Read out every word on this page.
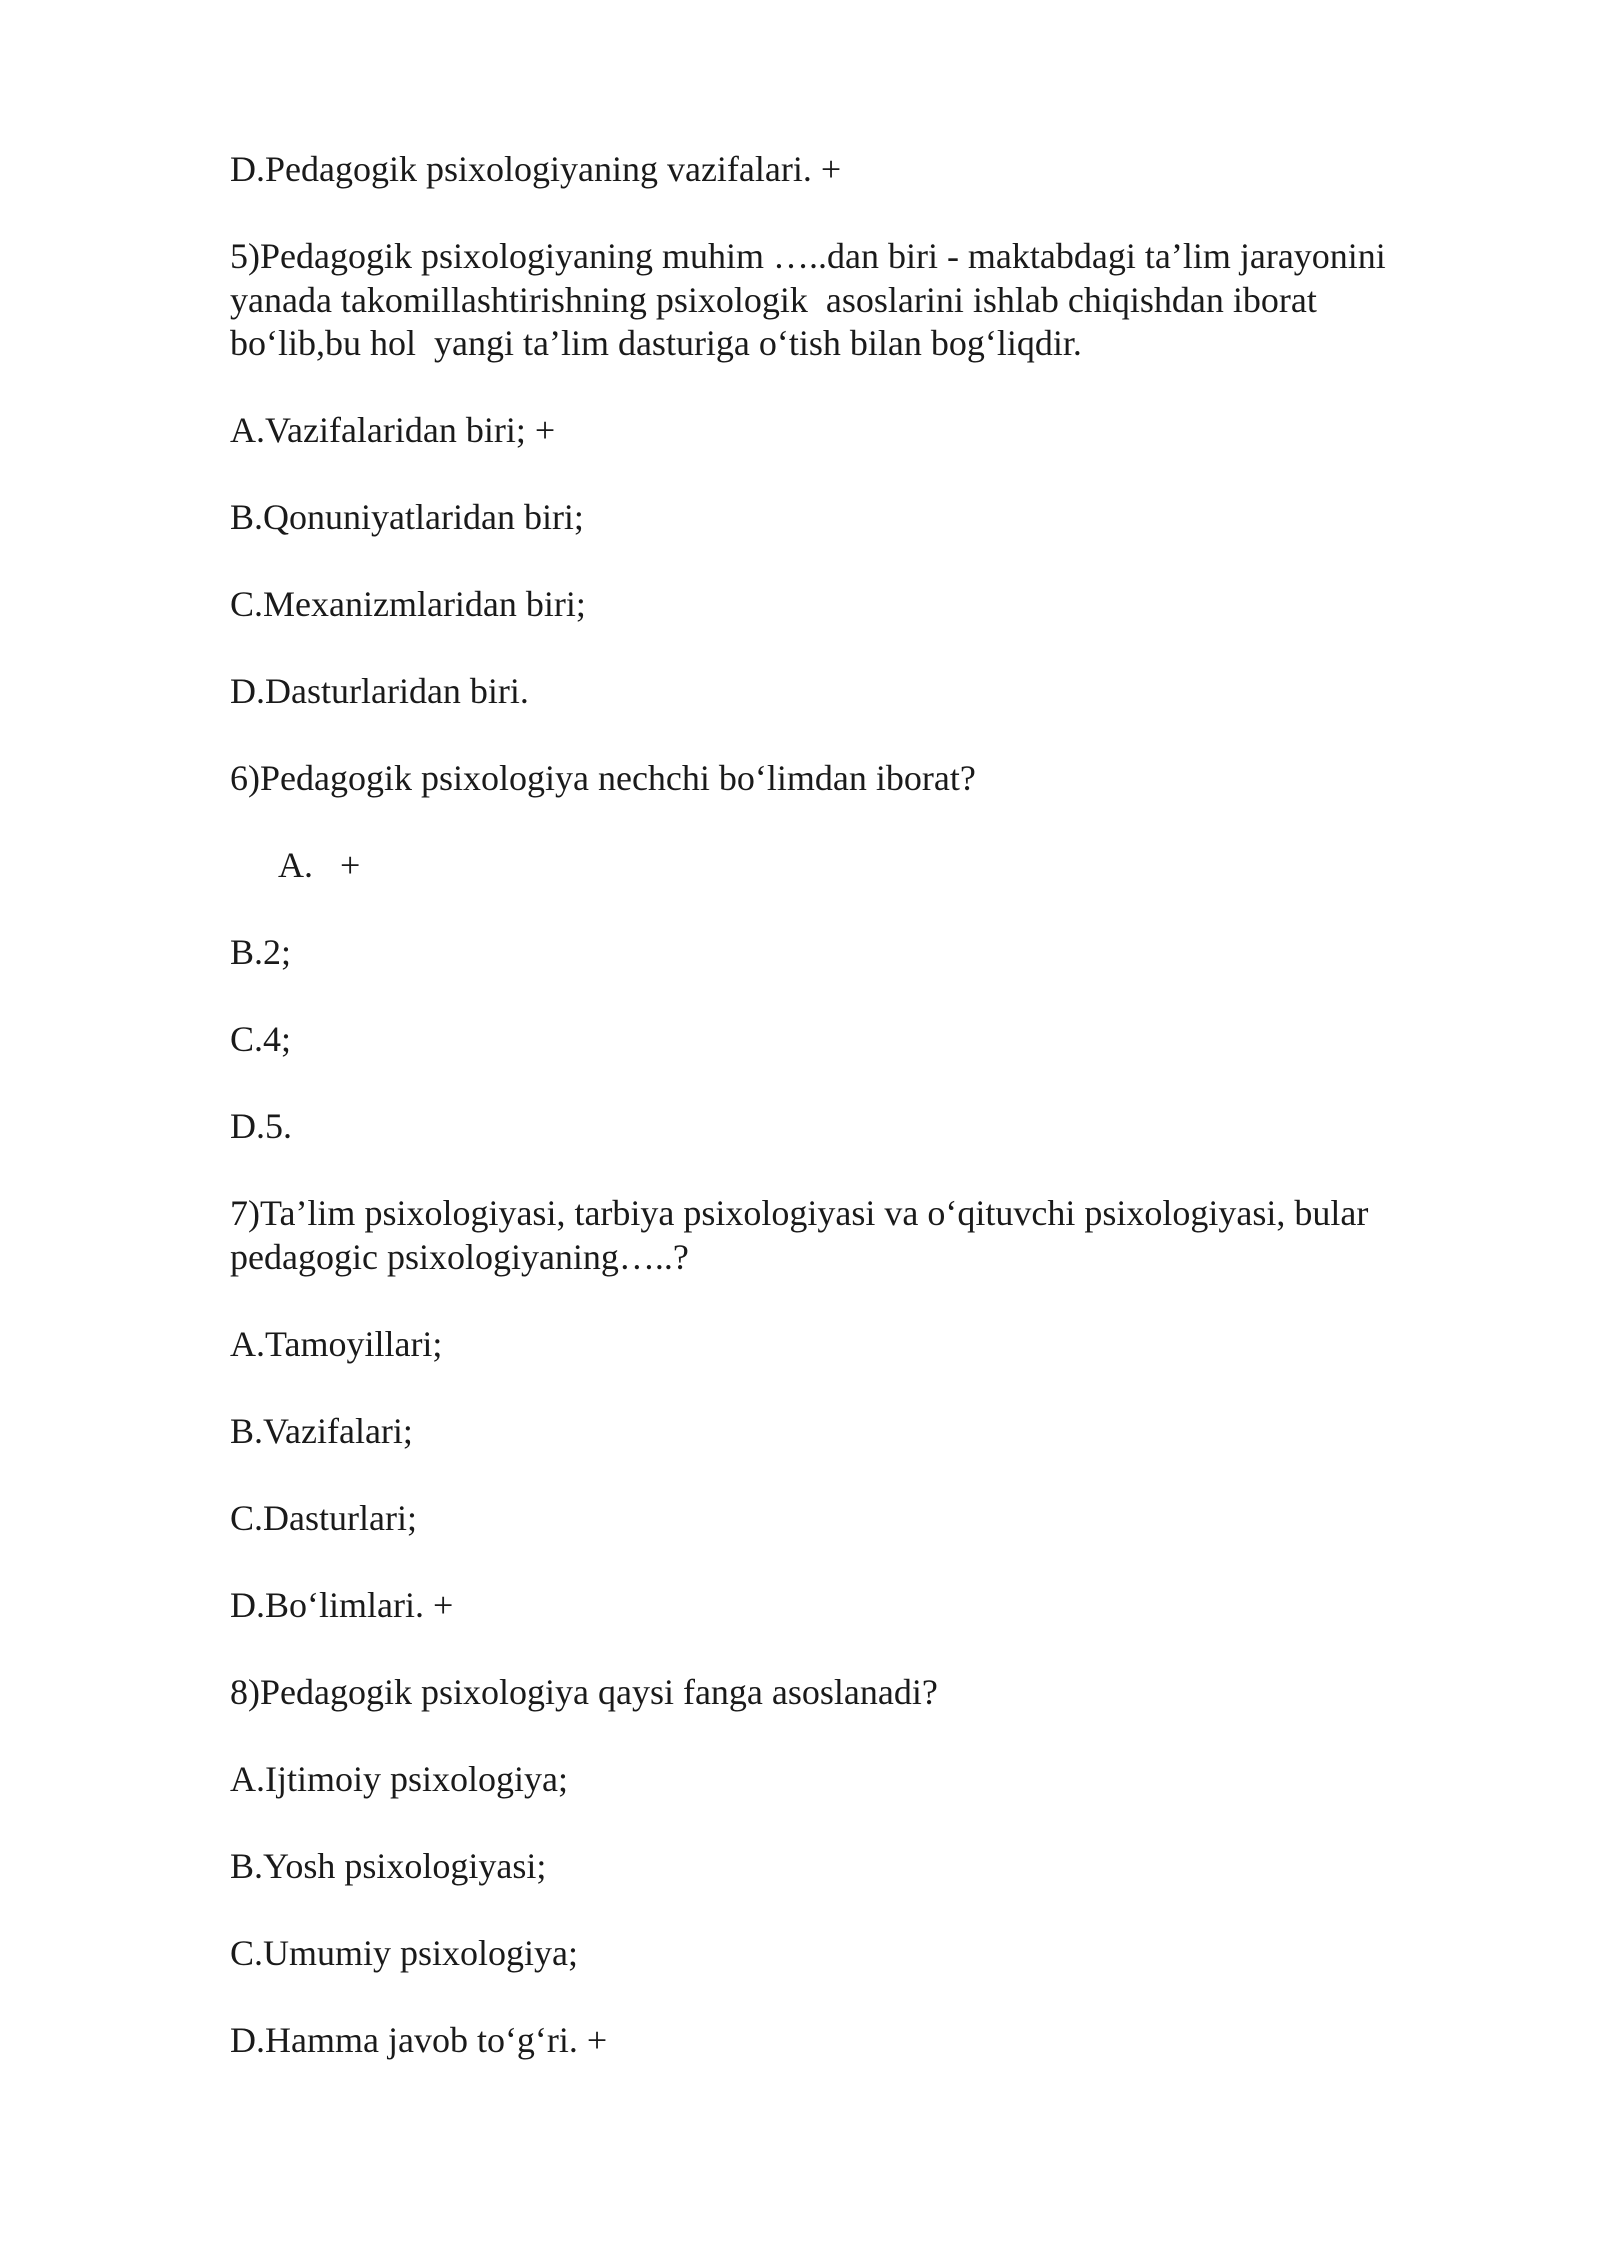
D.Pedagogik psixologiyaning vazifalari. +

5)Pedagogik psixologiyaning muhim …..dan biri - maktabdagi ta’lim jarayonini yanada takomillashtirishning psixologik  asoslarini ishlab chiqishdan iborat bo‘lib,bu hol  yangi ta’lim dasturiga o‘tish bilan bog‘liqdir.

A.Vazifalaridan biri; +

B.Qonuniyatlaridan biri;

C.Mexanizmlaridan biri;

D.Dasturlaridan biri.

6)Pedagogik psixologiya nechchi bo‘limdan iborat?

A.   +

B.2;

C.4;

D.5.

7)Ta’lim psixologiyasi, tarbiya psixologiyasi va o‘qituvchi psixologiyasi, bular pedagogic psixologiyaning…..?

A.Tamoyillari;

B.Vazifalari;

C.Dasturlari;

D.Bo‘limlari. +

8)Pedagogik psixologiya qaysi fanga asoslanadi?

A.Ijtimoiy psixologiya;

B.Yosh psixologiyasi;

C.Umumiy psixologiya;

D.Hamma javob to‘g‘ri. +
